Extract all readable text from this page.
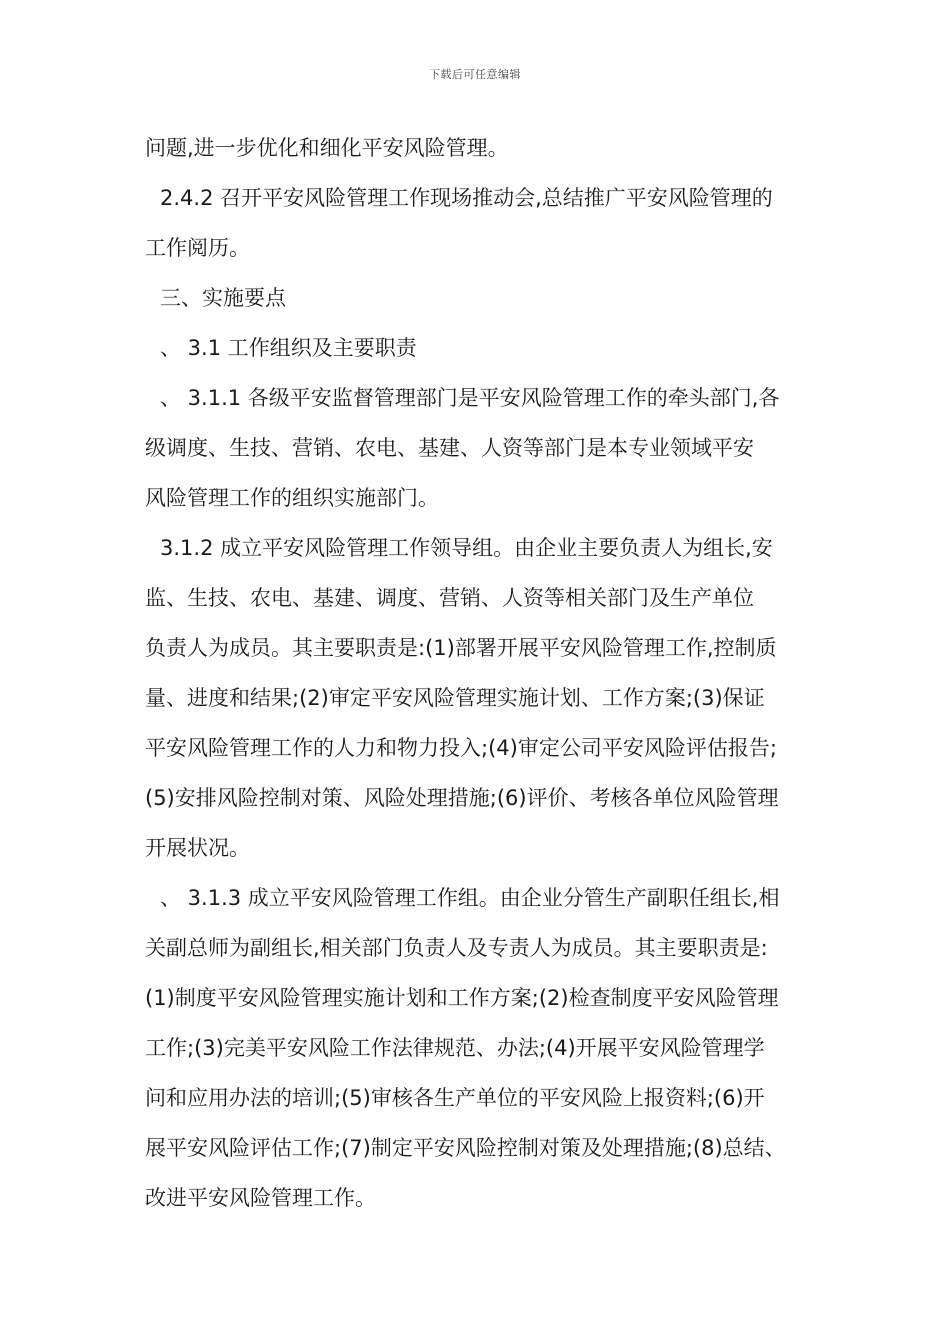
下载后可任意编辑
问题,进一步优化和细化平安风险管理。
2.4.2 召开平安风险管理工作现场推动会,总结推广平安风险管理的
工作阅历。
三、实施要点
、 3.1 工作组织及主要职责
、 3.1.1 各级平安监督管理部门是平安风险管理工作的牵头部门,各
级调度、生技、营销、农电、基建、人资等部门是本专业领域平安
风险管理工作的组织实施部门。
3.1.2 成立平安风险管理工作领导组。由企业主要负责人为组长,安
监、生技、农电、基建、调度、营销、人资等相关部门及生产单位
负责人为成员。其主要职责是:(1)部署开展平安风险管理工作,控制质
量、进度和结果;(2)审定平安风险管理实施计划、工作方案;(3)保证
平安风险管理工作的人力和物力投入;(4)审定公司平安风险评估报告;
(5)安排风险控制对策、风险处理措施;(6)评价、考核各单位风险管理
开展状况。
、 3.1.3 成立平安风险管理工作组。由企业分管生产副职任组长,相
关副总师为副组长,相关部门负责人及专责人为成员。其主要职责是:
(1)制度平安风险管理实施计划和工作方案;(2)检查制度平安风险管理
工作;(3)完美平安风险工作法律规范、办法;(4)开展平安风险管理学
问和应用办法的培训;(5)审核各生产单位的平安风险上报资料;(6)开
展平安风险评估工作;(7)制定平安风险控制对策及处理措施;(8)总结、
改进平安风险管理工作。
